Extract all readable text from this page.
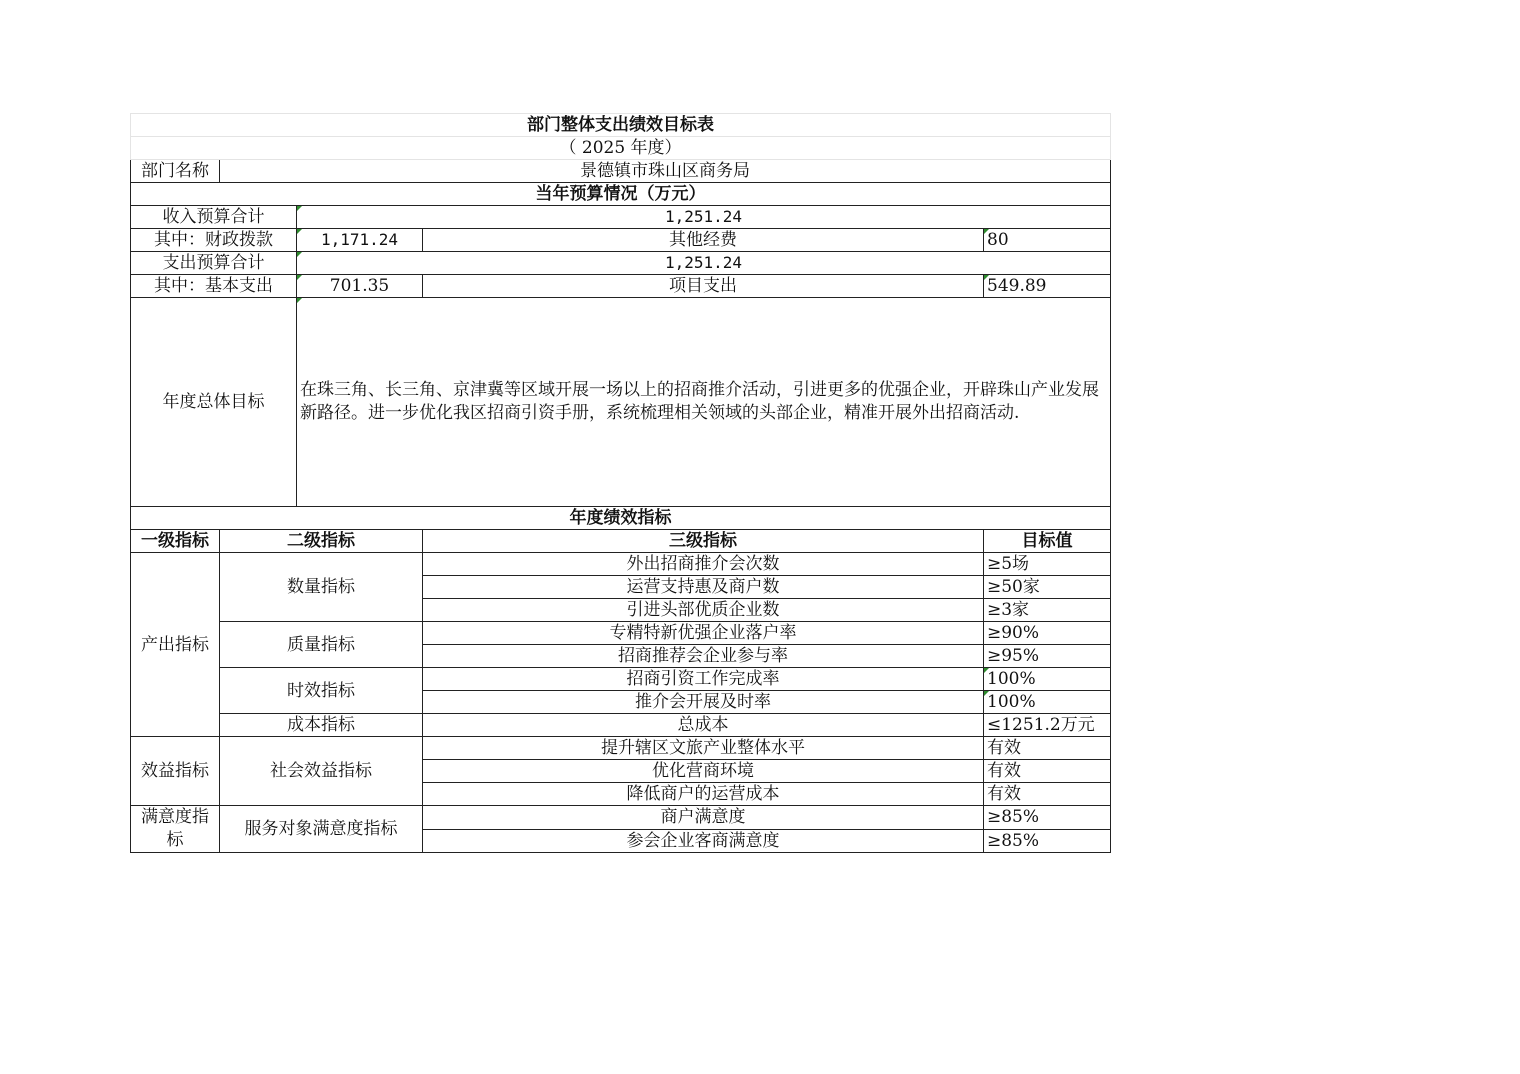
部门整体支出绩效目标表				
（ 2025 年度）				
部门名称	景德镇市珠山区商务局			
当年预算情况（万元）				
收入预算合计		1,251.24		
其中：财政拨款		1,171.24	其他经费	80
支出预算合计		1,251.24		
其中：基本支出		701.35	项目支出	549.89
年度总体目标		在珠三角、长三角、京津冀等区域开展一场以上的招商推介活动，引进更多的优强企业，开辟珠山产业发展新路径。进一步优化我区招商引资手册，系统梳理相关领域的头部企业，精准开展外出招商活动.		
年度绩效指标				
一级指标	二级指标		三级指标	目标值
产出指标	数量指标		外出招商推介会次数	≥5场
			运营支持惠及商户数	≥50家
			引进头部优质企业数	≥3家
	质量指标		专精特新优强企业落户率	≥90%
			招商推荐会企业参与率	≥95%
	时效指标		招商引资工作完成率	100%
			推介会开展及时率	100%
	成本指标		总成本	≤1251.2万元
效益指标	社会效益指标		提升辖区文旅产业整体水平	有效
			优化营商环境	有效
			降低商户的运营成本	有效
满意度指标	服务对象满意度指标		商户满意度	≥85%
			参会企业客商满意度	≥85%
